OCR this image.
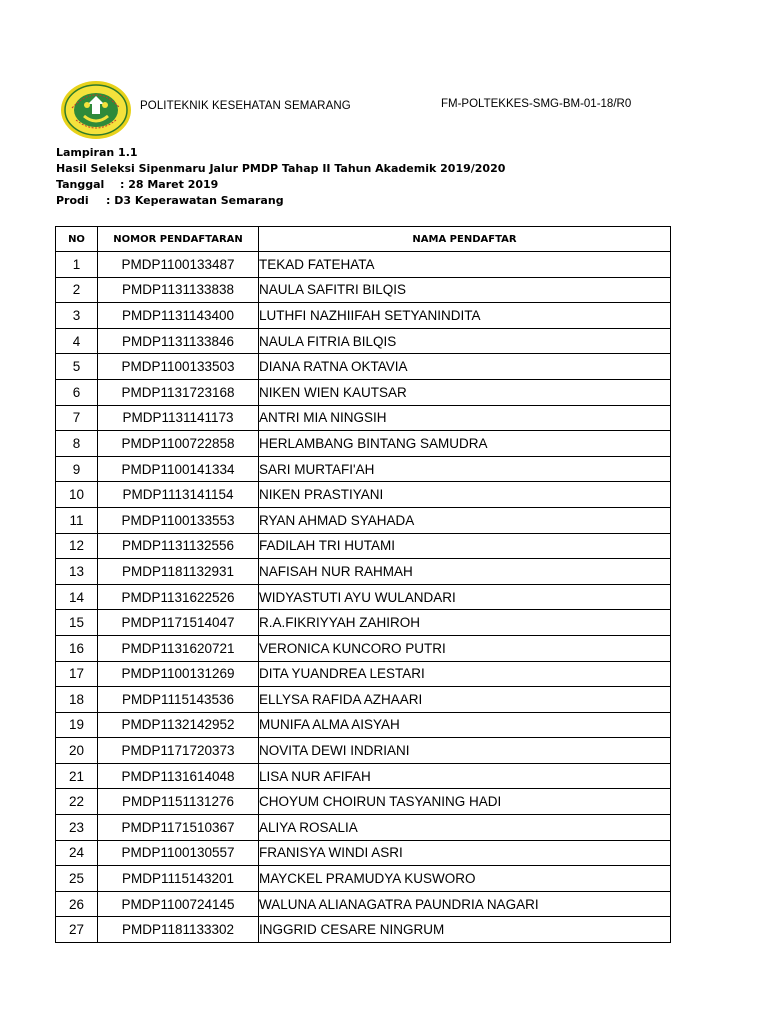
POLITEKNIK KESEHATAN SEMARANG	FM-POLTEKKES-SMG-BM-01-18/R0
Lampiran 1.1
Hasil Seleksi Sipenmaru Jalur PMDP Tahap II Tahun Akademik 2019/2020
Tanggal : 28 Maret 2019
Prodi : D3 Keperawatan Semarang
NO	NOMOR PENDAFTARAN	NAMA PENDAFTAR
1	PMDP1100133487	TEKAD FATEHATA
2	PMDP1131133838	NAULA SAFITRI BILQIS
3	PMDP1131143400	LUTHFI NAZHIIFAH SETYANINDITA
4	PMDP1131133846	NAULA FITRIA BILQIS
5	PMDP1100133503	DIANA RATNA OKTAVIA
6	PMDP1131723168	NIKEN WIEN KAUTSAR
7	PMDP1131141173	ANTRI MIA NINGSIH
8	PMDP1100722858	HERLAMBANG BINTANG SAMUDRA
9	PMDP1100141334	SARI MURTAFI'AH
10	PMDP1113141154	NIKEN PRASTIYANI
11	PMDP1100133553	RYAN AHMAD SYAHADA
12	PMDP1131132556	FADILAH TRI HUTAMI
13	PMDP1181132931	NAFISAH NUR RAHMAH
14	PMDP1131622526	WIDYASTUTI AYU WULANDARI
15	PMDP1171514047	R.A.FIKRIYYAH ZAHIROH
16	PMDP1131620721	VERONICA KUNCORO PUTRI
17	PMDP1100131269	DITA YUANDREA LESTARI
18	PMDP1115143536	ELLYSA RAFIDA AZHAARI
19	PMDP1132142952	MUNIFA ALMA AISYAH
20	PMDP1171720373	NOVITA DEWI INDRIANI
21	PMDP1131614048	LISA NUR AFIFAH
22	PMDP1151131276	CHOYUM CHOIRUN TASYANING HADI
23	PMDP1171510367	ALIYA ROSALIA
24	PMDP1100130557	FRANISYA WINDI ASRI
25	PMDP1115143201	MAYCKEL PRAMUDYA KUSWORO
26	PMDP1100724145	WALUNA ALIANAGATRA PAUNDRIA NAGARI
27	PMDP1181133302	INGGRID CESARE NINGRUM
